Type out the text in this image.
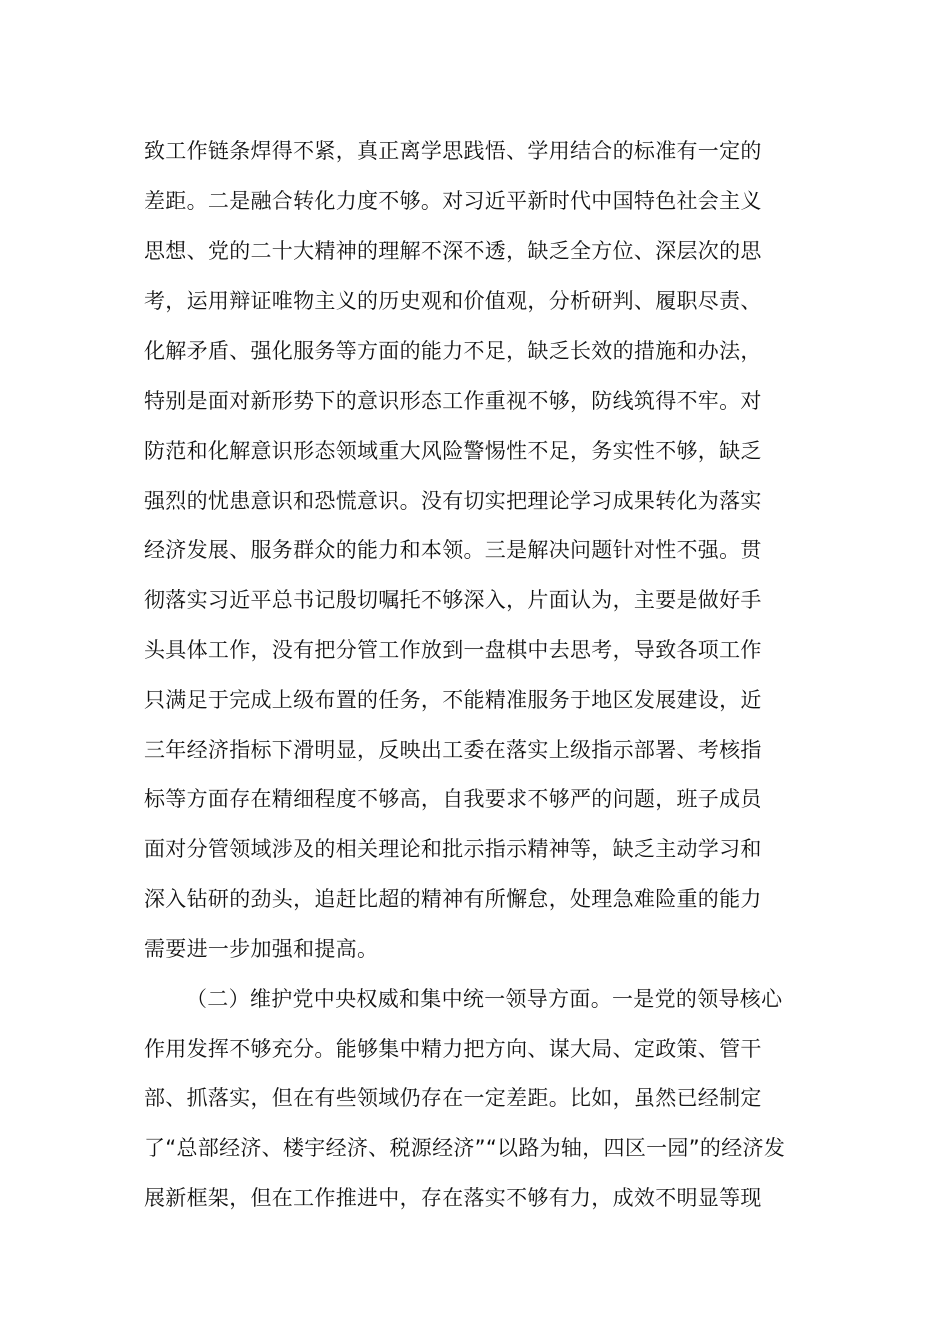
致工作链条焊得不紧，真正离学思践悟、学用结合的标准有一定的
差距。二是融合转化力度不够。对习近平新时代中国特色社会主义
思想、党的二十大精神的理解不深不透，缺乏全方位、深层次的思
考，运用辩证唯物主义的历史观和价值观，分析研判、履职尽责、
化解矛盾、强化服务等方面的能力不足，缺乏长效的措施和办法，
特别是面对新形势下的意识形态工作重视不够，防线筑得不牢。对
防范和化解意识形态领域重大风险警惕性不足，务实性不够，缺乏
强烈的忧患意识和恐慌意识。没有切实把理论学习成果转化为落实
经济发展、服务群众的能力和本领。三是解决问题针对性不强。贯
彻落实习近平总书记殷切嘱托不够深入，片面认为，主要是做好手
头具体工作，没有把分管工作放到一盘棋中去思考，导致各项工作
只满足于完成上级布置的任务，不能精准服务于地区发展建设，近
三年经济指标下滑明显，反映出工委在落实上级指示部署、考核指
标等方面存在精细程度不够高，自我要求不够严的问题，班子成员
面对分管领域涉及的相关理论和批示指示精神等，缺乏主动学习和
深入钻研的劲头，追赶比超的精神有所懈怠，处理急难险重的能力
需要进一步加强和提高。
（二）维护党中央权威和集中统一领导方面。一是党的领导核心
作用发挥不够充分。能够集中精力把方向、谋大局、定政策、管干
部、抓落实，但在有些领域仍存在一定差距。比如，虽然已经制定
了“总部经济、楼宇经济、税源经济”“以路为轴，四区一园”的经济发
展新框架，但在工作推进中，存在落实不够有力，成效不明显等现
